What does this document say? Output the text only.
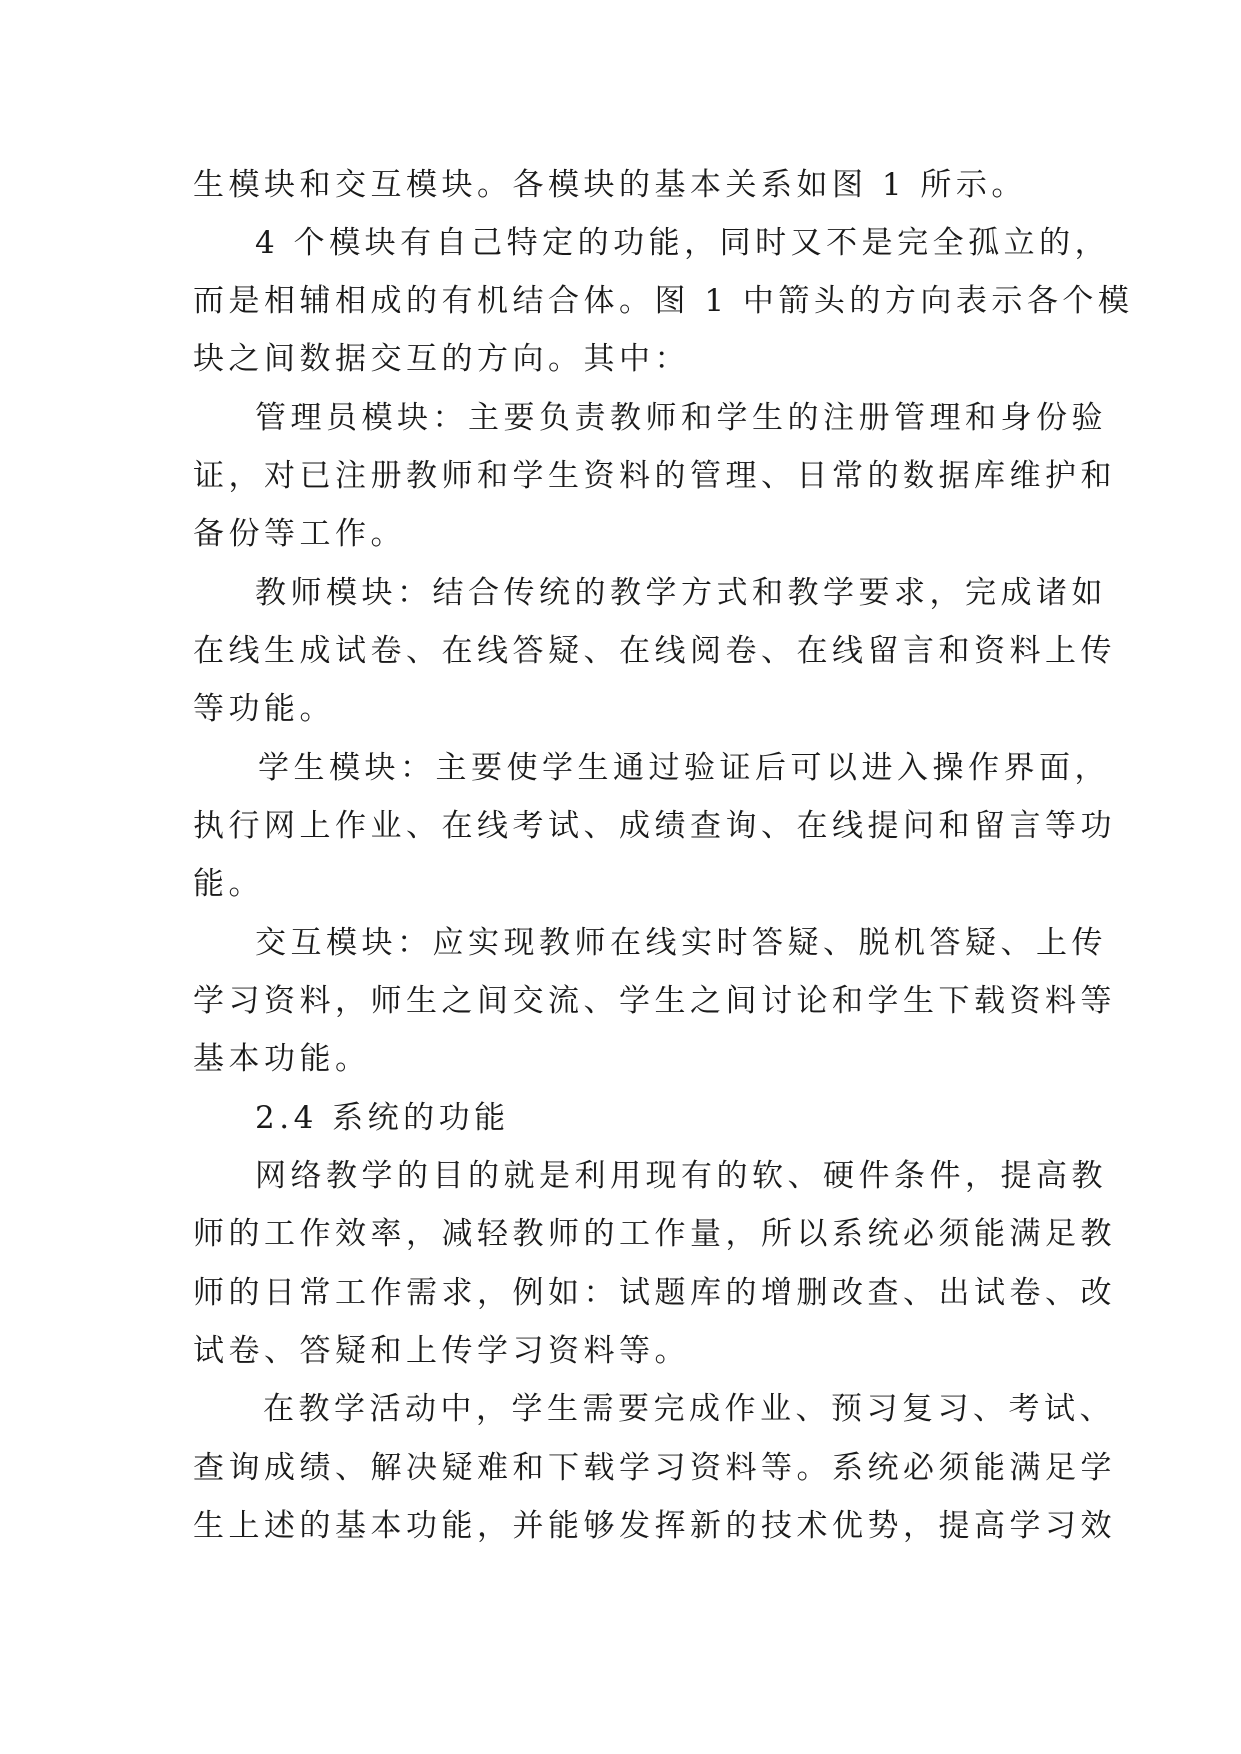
生模块和交互模块。各模块的基本关系如图 1 所示。

4 个模块有自己特定的功能，同时又不是完全孤立的，

而是相辅相成的有机结合体。图 1 中箭头的方向表示各个模

块之间数据交互的方向。其中：

管理员模块：主要负责教师和学生的注册管理和身份验

证，对已注册教师和学生资料的管理、日常的数据库维护和

备份等工作。

教师模块：结合传统的教学方式和教学要求，完成诸如

在线生成试卷、在线答疑、在线阅卷、在线留言和资料上传

等功能。

学生模块：主要使学生通过验证后可以进入操作界面，

执行网上作业、在线考试、成绩查询、在线提问和留言等功

能。

交互模块：应实现教师在线实时答疑、脱机答疑、上传

学习资料，师生之间交流、学生之间讨论和学生下载资料等

基本功能。

2.4 系统的功能

网络教学的目的就是利用现有的软、硬件条件，提高教

师的工作效率，减轻教师的工作量，所以系统必须能满足教

师的日常工作需求，例如：试题库的增删改查、出试卷、改

试卷、答疑和上传学习资料等。

在教学活动中，学生需要完成作业、预习复习、考试、

查询成绩、解决疑难和下载学习资料等。系统必须能满足学

生上述的基本功能，并能够发挥新的技术优势，提高学习效
